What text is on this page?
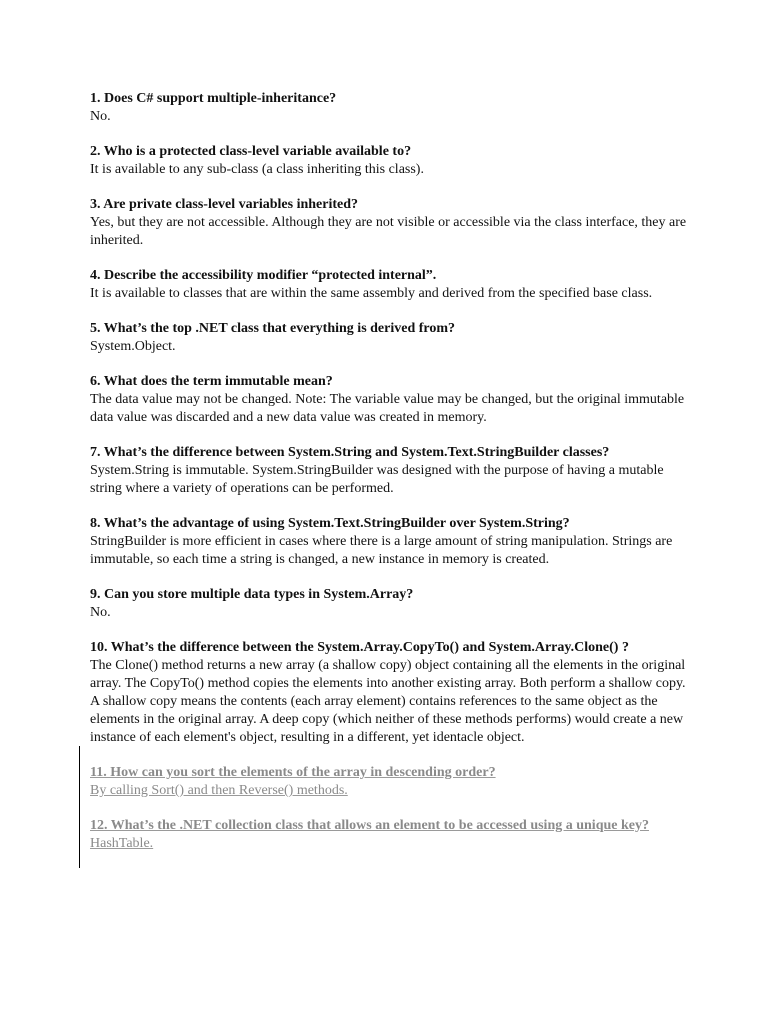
1. Does C# support multiple-inheritance?

No.

2. Who is a protected class-level variable available to?

It is available to any sub-class (a class inheriting this class).

3. Are private class-level variables inherited?

Yes, but they are not accessible. Although they are not visible or accessible via the class interface, they are inherited.

4. Describe the accessibility modifier “protected internal”.

It is available to classes that are within the same assembly and derived from the specified base class.

5. What’s the top .NET class that everything is derived from?

System.Object.

6. What does the term immutable mean?

The data value may not be changed. Note: The variable value may be changed, but the original immutable data value was discarded and a new data value was created in memory.

7. What’s the difference between System.String and System.Text.StringBuilder classes?

System.String is immutable. System.StringBuilder was designed with the purpose of having a mutable string where a variety of operations can be performed.

8. What’s the advantage of using System.Text.StringBuilder over System.String?

StringBuilder is more efficient in cases where there is a large amount of string manipulation. Strings are immutable, so each time a string is changed, a new instance in memory is created.

9. Can you store multiple data types in System.Array?

No.

10. What’s the difference between the System.Array.CopyTo() and System.Array.Clone() ?

The Clone() method returns a new array (a shallow copy) object containing all the elements in the original array. The CopyTo() method copies the elements into another existing array. Both perform a shallow copy. A shallow copy means the contents (each array element) contains references to the same object as the elements in the original array. A deep copy (which neither of these methods performs) would create a new instance of each element's object, resulting in a different, yet identacle object.

11. How can you sort the elements of the array in descending order?

By calling Sort() and then Reverse() methods.

12. What’s the .NET collection class that allows an element to be accessed using a unique key?

HashTable.
